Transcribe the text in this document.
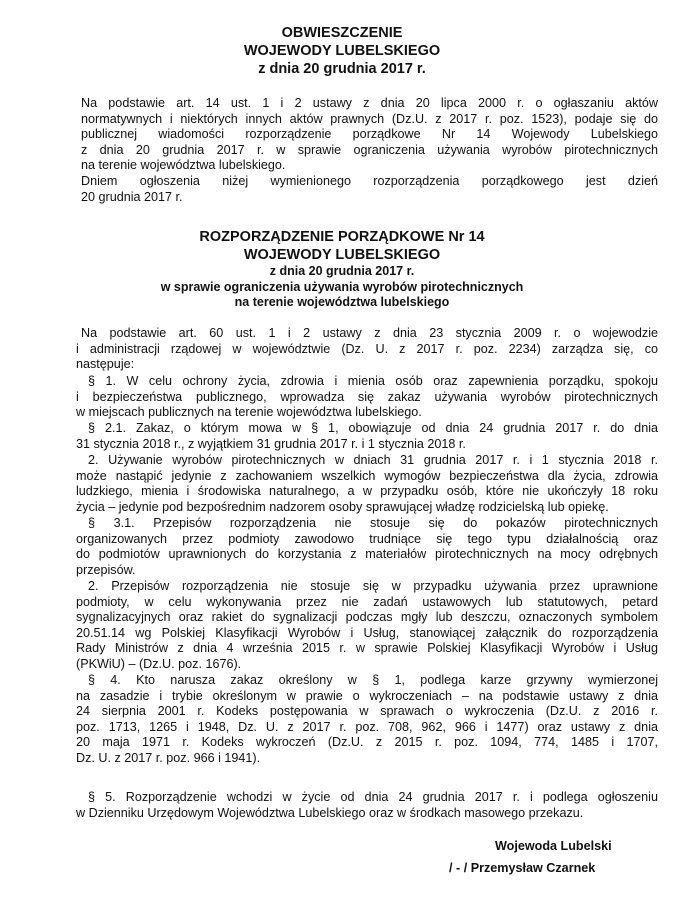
OBWIESZCZENIE
WOJEWODY LUBELSKIEGO
z dnia 20 grudnia 2017 r.
Na podstawie art. 14 ust. 1 i 2 ustawy z dnia 20 lipca 2000 r. o ogłaszaniu aktów
normatywnych i niektórych innych aktów prawnych (Dz.U. z 2017 r. poz. 1523), podaje się do
publicznej wiadomości rozporządzenie porządkowe Nr 14 Wojewody Lubelskiego
z dnia 20 grudnia 2017 r. w sprawie ograniczenia używania wyrobów pirotechnicznych
na terenie województwa lubelskiego.
Dniem ogłoszenia niżej wymienionego rozporządzenia porządkowego jest dzień
20 grudnia 2017 r.
ROZPORZĄDZENIE PORZĄDKOWE Nr 14
WOJEWODY LUBELSKIEGO
z dnia 20 grudnia 2017 r.
w sprawie ograniczenia używania wyrobów pirotechnicznych
na terenie województwa lubelskiego
Na podstawie art. 60 ust. 1 i 2 ustawy z dnia 23 stycznia 2009 r. o wojewodzie
i administracji rządowej w województwie (Dz. U. z 2017 r. poz. 2234) zarządza się, co
następuje:
§ 1. W celu ochrony życia, zdrowia i mienia osób oraz zapewnienia porządku, spokoju
i bezpieczeństwa publicznego, wprowadza się zakaz używania wyrobów pirotechnicznych
w miejscach publicznych na terenie województwa lubelskiego.
§ 2.1. Zakaz, o którym mowa w § 1, obowiązuje od dnia 24 grudnia 2017 r. do dnia
31 stycznia 2018 r., z wyjątkiem 31 grudnia 2017 r. i 1 stycznia 2018 r.
2. Używanie wyrobów pirotechnicznych w dniach 31 grudnia 2017 r. i 1 stycznia 2018 r.
może nastąpić jedynie z zachowaniem wszelkich wymogów bezpieczeństwa dla życia, zdrowia
ludzkiego, mienia i środowiska naturalnego, a w przypadku osób, które nie ukończyły 18 roku
życia – jedynie pod bezpośrednim nadzorem osoby sprawującej władzę rodzicielską lub opiekę.
§ 3.1. Przepisów rozporządzenia nie stosuje się do pokazów pirotechnicznych
organizowanych przez podmioty zawodowo trudniące się tego typu działalnością oraz
do podmiotów uprawnionych do korzystania z materiałów pirotechnicznych na mocy odrębnych
przepisów.
2. Przepisów rozporządzenia nie stosuje się w przypadku używania przez uprawnione
podmioty, w celu wykonywania przez nie zadań ustawowych lub statutowych, petard
sygnalizacyjnych oraz rakiet do sygnalizacji podczas mgły lub deszczu, oznaczonych symbolem
20.51.14 wg Polskiej Klasyfikacji Wyrobów i Usług, stanowiącej załącznik do rozporządzenia
Rady Ministrów z dnia 4 września 2015 r. w sprawie Polskiej Klasyfikacji Wyrobów i Usług
(PKWiU) – (Dz.U. poz. 1676).
§ 4. Kto narusza zakaz określony w § 1, podlega karze grzywny wymierzonej
na zasadzie i trybie określonym w prawie o wykroczeniach – na podstawie ustawy z dnia
24 sierpnia 2001 r. Kodeks postępowania w sprawach o wykroczenia (Dz.U. z 2016 r.
poz. 1713, 1265 i 1948, Dz. U. z 2017 r. poz. 708, 962, 966 i 1477) oraz ustawy z dnia
20 maja 1971 r. Kodeks wykroczeń (Dz.U. z 2015 r. poz. 1094, 774, 1485 i 1707,
Dz. U. z 2017 r. poz. 966 i 1941).
§ 5. Rozporządzenie wchodzi w życie od dnia 24 grudnia 2017 r. i podlega ogłoszeniu
w Dzienniku Urzędowym Województwa Lubelskiego oraz w środkach masowego przekazu.
Wojewoda Lubelski
/ - / Przemysław Czarnek
